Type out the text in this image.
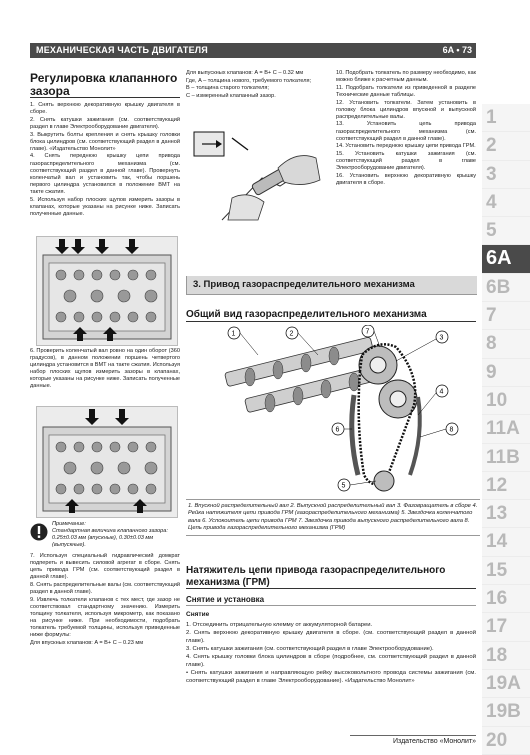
МЕХАНИЧЕСКАЯ ЧАСТЬ ДВИГАТЕЛЯ	6A • 73
1
2
3
4
5
6A
6B
7
8
9
10
11A
11B
12
13
14
15
16
17
18
19A
19B
20
Регулировка клапанного зазора

1. Снять верхнюю декоративную крышку двигателя в сборе.

2. Снять катушки зажигания (см. соответствующий раздел в главе Электрооборудование двигателя).

3. Выкрутить болты крепления и снять крышку головки блока цилиндров (см. соответствующий раздел в данной главе). «Издательство Монолит»

4. Снять переднюю крышку цепи привода газораспределительного механизма (см. соответствующий раздел в данной главе). Провернуть коленчатый вал и установить так, чтобы поршень первого цилиндра установился в положение ВМТ на такте сжатия.

5. Используя набор плоских щупов измерить зазоры в клапанах, которые указаны на рисунке ниже. Записать полученные данные.

6. Проверить коленчатый вал ровно на один оборот (360 градусов), в данном положении поршень четвертого цилиндра установится в ВМТ на такте сжатия. Используя набор плоских щупов измерить зазоры в клапанах, которые указаны на рисунке ниже. Записать полученные данные.

Примечание:
Стандартная величина клапанного зазора: 0.25±0.03 мм (впускные), 0.30±0.03 мм (выпускные).

7. Используя специальный гидравлический домкрат подпереть и вывесить силовой агрегат в сборе. Снять цепь привода ГРМ (см. соответствующий раздел в данной главе).

8. Снять распределительные валы (см. соответствующий раздел в данной главе).

9. Извлечь толкатели клапанов с тех мест, где зазор не соответствовал стандартному значению. Измерить толщину толкателя, используя микрометр, как показано на рисунке ниже. При необходимости, подобрать толкатель требуемой толщины, используя приведенные ниже формулы:

Для впускных клапанов: A = B+ C – 0.23 мм

Для выпускных клапанов: A = B+ C – 0.32 мм

Где, A – толщина нового, требуемого толкателя;

B – толщина старого толкателя;

C – измеренный клапанный зазор.

10. Подобрать толкатель по размеру необходимо, как можно ближе к расчетным данным.

11. Подобрать толкатели из приведенной в разделе Технические данные таблицы.

12. Установить толкатели. Затем установить в головку блока цилиндров впускной и выпускной распределительные валы.

13. Установить цепь привода газораспределительного механизма (см. соответствующий раздел в данной главе).

14. Установить переднюю крышку цепи привода ГРМ.

15. Установить катушки зажигания (см. соответствующий раздел в главе Электрооборудование двигателя).

16. Установить верхнюю декоративную крышку двигателя в сборе.

3. Привод газораспределительного механизма
Общий вид газораспределительного механизма
1	2
3
4
5
6
7
8
1. Впускной распределительный вал 2. Выпускной распределительный вал 3. Фазовращатель в сборе 4. Рейка натяжителя цепи привода ГРМ (газораспределительного механизма) 5. Звездочка коленчатого вала 6. Успокоитель цепи привода ГРМ 7. Звездочка привода выпускного распределительного вала 8. Цепь привода газораспределительного механизма (ГРМ)
Натяжитель цепи привода газораспределительного механизма (ГРМ)
Снятие и установка
Снятие

1. Отсоединить отрицательную клемму от аккумуляторной батареи.

2. Снять верхнюю декоративную крышку двигателя в сборе. (см. соответствующий раздел в данной главе).

3. Снять катушки зажигания (см. соответствующий раздел в главе Электрооборудование).

4. Снять крышку головки блока цилиндров в сборе (подробнее, см. соответствующий раздел в данной главе).

• Снять катушки зажигания и направляющую рейку высоковольтного провода системы зажигания (см. соответствующий раздел в главе Электрооборудование). «Издательство Монолит»

Издательство «Монолит»
